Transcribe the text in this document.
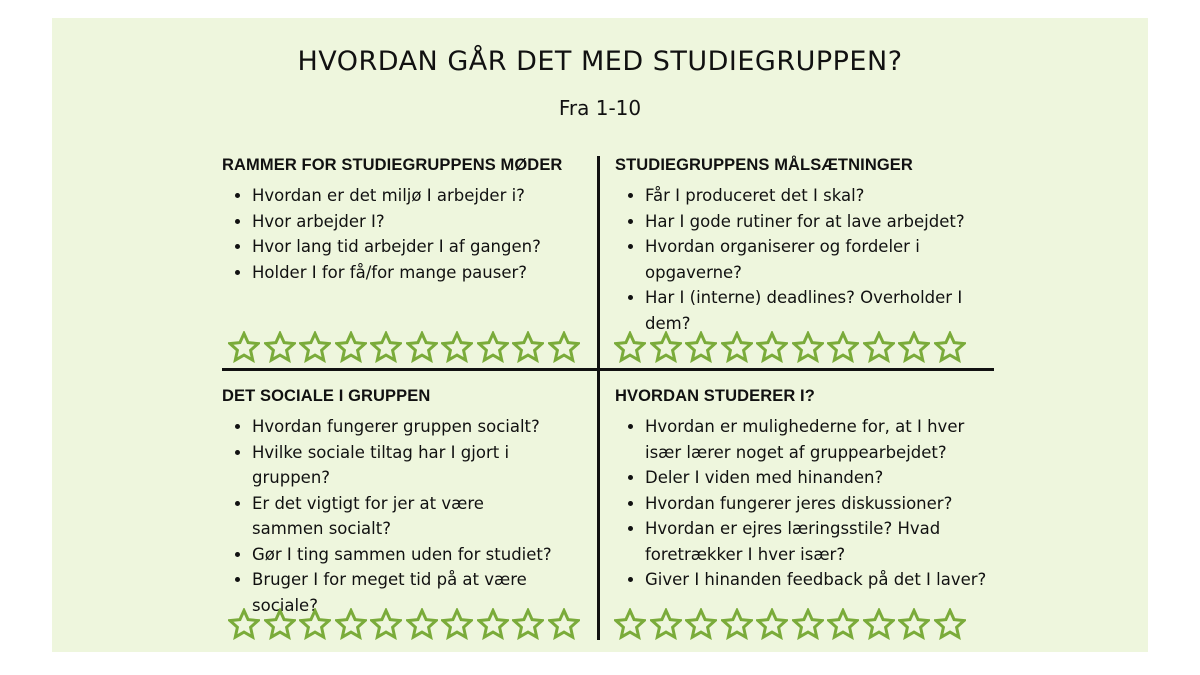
HVORDAN GÅR DET MED STUDIEGRUPPEN?
Fra 1-10
RAMMER FOR STUDIEGRUPPENS MØDER
• Hvordan er det miljø I arbejder i?
• Hvor arbejder I?
• Hvor lang tid arbejder I af gangen?
• Holder I for få/for mange pauser?
STUDIEGRUPPENS MÅLSÆTNINGER
• Får I produceret det I skal?
• Har I gode rutiner for at lave arbejdet?
• Hvordan organiserer og fordeler i opgaverne?
• Har I (interne) deadlines? Overholder I dem?
DET SOCIALE I GRUPPEN
• Hvordan fungerer gruppen socialt?
• Hvilke sociale tiltag har I gjort i gruppen?
• Er det vigtigt for jer at være sammen socialt?
• Gør I ting sammen uden for studiet?
• Bruger I for meget tid på at være sociale?
HVORDAN STUDERER I?
• Hvordan er mulighederne for, at I hver især lærer noget af gruppearbejdet?
• Deler I viden med hinanden?
• Hvordan fungerer jeres diskussioner?
• Hvordan er ejres læringsstile? Hvad foretrækker I hver især?
• Giver I hinanden feedback på det I laver?
